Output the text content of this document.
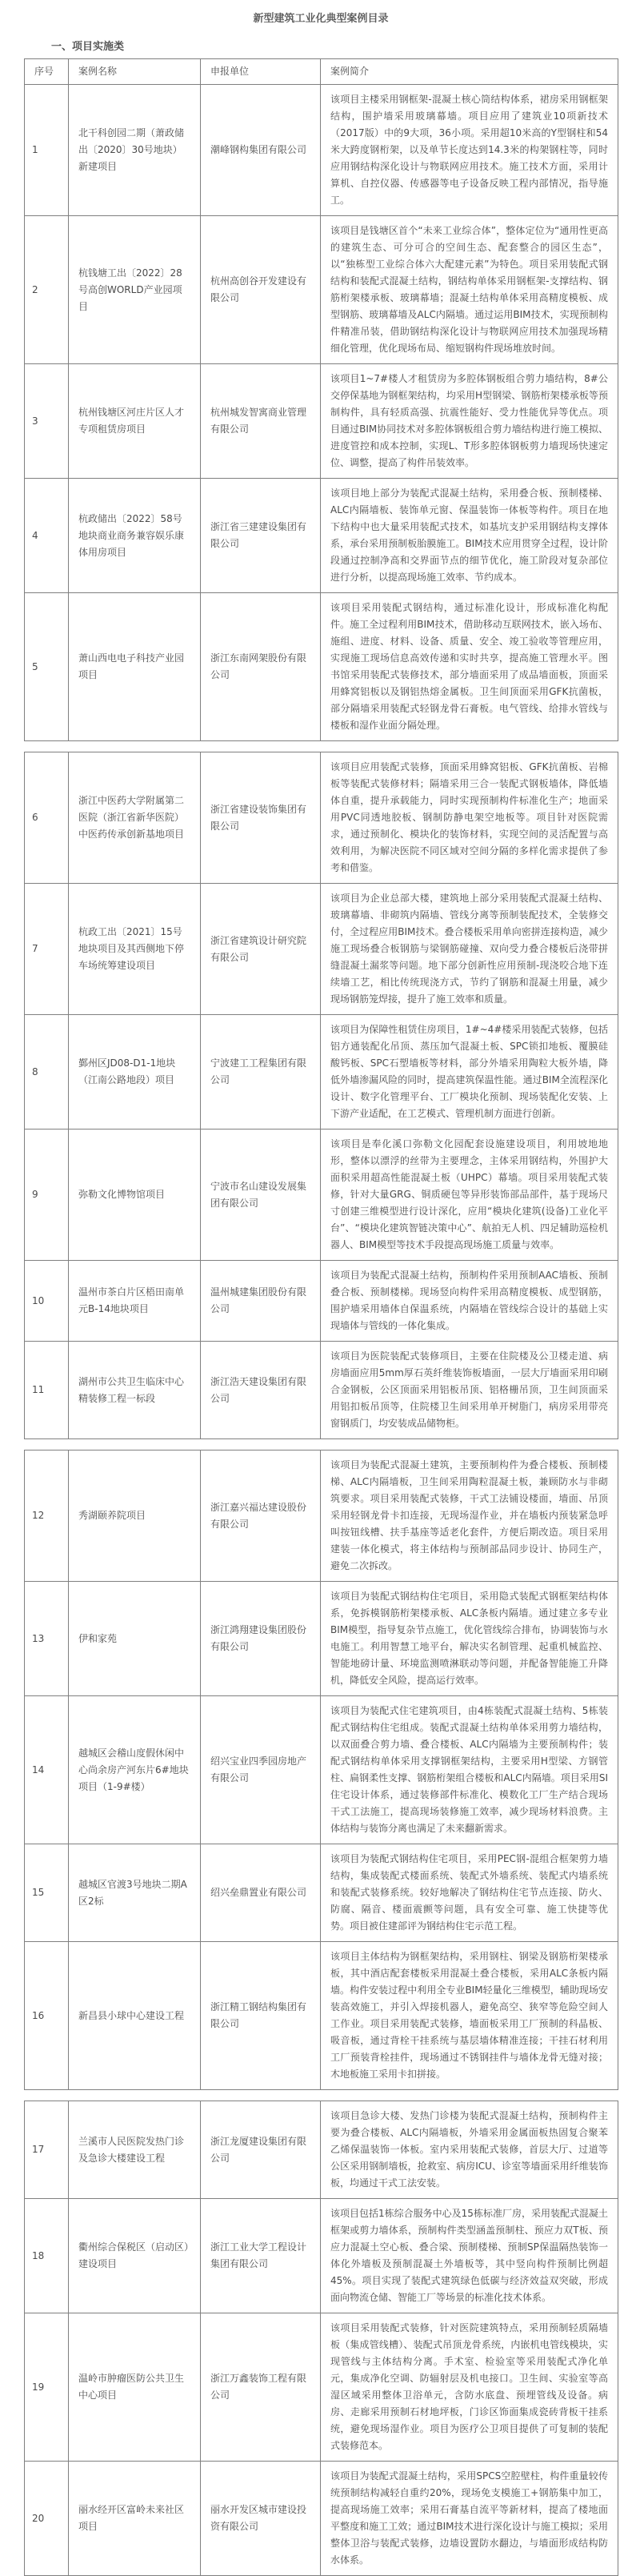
新型建筑工业化典型案例目录
一、项目实施类
序号	案例名称	申报单位	案例简介
1	北干科创园二期（萧政储出〔2020〕30号地块）新建项目	潮峰钢构集团有限公司	该项目主楼采用钢框架-混凝土核心筒结构体系，裙房采用钢框架结构，围护墙采用玻璃幕墙。项目应用了建筑业10项新技术（2017版）中的9大项，36小项。采用超10米高的Y型钢柱和54米大跨度钢桁架，以及单节长度达到14.3米的构架钢柱等，同时应用钢结构深化设计与物联网应用技术。施工技术方面，采用计算机、自控仪器、传感器等电子设备反映工程内部情况，指导施工。
2	杭钱塘工出〔2022〕28号高创WORLD产业园项目	杭州高创谷开发建设有限公司	该项目是钱塘区首个“未来工业综合体”，整体定位为“通用性更高的建筑生态、可分可合的空间生态、配套整合的园区生态”，以“独栋型工业综合体六大配建元素”为特色。项目采用装配式钢结构和装配式混凝土结构，钢结构单体采用钢框架-支撑结构、钢筋桁架楼承板、玻璃幕墙；混凝土结构单体采用高精度模板、成型钢筋、玻璃幕墙及ALC内隔墙。通过运用BIM技术，实现预制构件精准吊装，借助钢结构深化设计与物联网应用技术加强现场精细化管理，优化现场布局、缩短钢构件现场堆放时间。
3	杭州钱塘区河庄片区人才专项租赁房项目	杭州城发智寓商业管理有限公司	该项目1~7#楼人才租赁房为多腔体钢板组合剪力墙结构，8#公交停保基地为钢框架结构，均采用H型钢梁、钢筋桁架楼承板等预制构件，具有轻质高强、抗震性能好、受力性能优异等优点。项目通过BIM协同技术对多腔体钢板组合剪力墙结构进行施工模拟、进度管控和成本控制，实现L、T形多腔体钢板剪力墙现场快速定位、调整，提高了构件吊装效率。
4	杭政储出〔2022〕58号地块商业商务兼容娱乐康体用房项目	浙江省三建建设集团有限公司	该项目地上部分为装配式混凝土结构，采用叠合板、预制楼梯、ALC内隔墙板、装饰单元窗、保温装饰一体板等构件。项目在地下结构中也大量采用装配式技术，如基坑支护采用钢结构支撑体系，承台采用预制板胎膜施工。BIM技术应用贯穿全过程，设计阶段通过控制净高和交界面节点的细节优化，施工阶段对复杂部位进行分析，以提高现场施工效率、节约成本。
5	萧山西电电子科技产业园项目	浙江东南网架股份有限公司	该项目采用装配式钢结构，通过标准化设计，形成标准化构配件。施工全过程利用BIM技术，借助移动互联网技术，嵌入场布、施组、进度、材料、设备、质量、安全、竣工验收等管理应用，实现施工现场信息高效传递和实时共享，提高施工管理水平。图书馆采用装配式装修技术，部分墙面采用了成品墙面板，顶面采用蜂窝铝板以及钢铝热熔金属板。卫生间顶面采用GFK抗菌板，部分隔墙采用装配式轻钢龙骨石膏板。电气管线、给排水管线与楼板和湿作业面分隔处理。
6	浙江中医药大学附属第二医院（浙江省新华医院）中医药传承创新基地项目	浙江省建设装饰集团有限公司	该项目应用装配式装修，顶面采用蜂窝铝板、GFK抗菌板、岩棉板等装配式装修材料；隔墙采用三合一装配式钢板墙体，降低墙体自重，提升承载能力，同时实现预制构件标准化生产；地面采用PVC同透地胶板、钢制防静电架空地板等。项目针对医院需求，通过预制化、模块化的装饰材料，实现空间的灵活配置与高效利用，为解决医院不同区域对空间分隔的多样化需求提供了参考和借鉴。
7	杭政工出〔2021〕15号地块项目及其西侧地下停车场统筹建设项目	浙江省建筑设计研究院有限公司	该项目为企业总部大楼，建筑地上部分采用装配式混凝土结构、玻璃幕墙、非砌筑内隔墙、管线分离等预制装配技术，全装修交付，全过程应用BIM技术。叠合楼板采用单向密拼连接构造，减少施工现场叠合板钢筋与梁钢筋碰撞、双向受力叠合楼板后浇带拼缝混凝土漏浆等问题。地下部分创新性应用预制-现浇咬合地下连续墙工艺，相比传统现浇方式，节约了钢筋和混凝土用量，减少现场钢筋笼焊接，提升了施工效率和质量。
8	鄞州区JD08-D1-1地块（江南公路地段）项目	宁波建工工程集团有限公司	该项目为保障性租赁住房项目，1#~4#楼采用装配式装修，包括铝方通装配化吊顶、蒸压加气混凝土板、SPC锁扣地板、覆膜硅酸钙板、SPC石塑墙板等材料，部分外墙采用陶粒大板外墙，降低外墙渗漏风险的同时，提高建筑保温性能。通过BIM全流程深化设计、数字化管理平台、工厂模块化预制、现场装配化安装、上下游产业适配，在工艺模式、管理机制方面进行创新。
9	弥勒文化博物馆项目	宁波市名山建设发展集团有限公司	该项目是奉化溪口弥勒文化园配套设施建设项目，利用坡地地形，整体以漂浮的丝带为主要理念，主体采用钢结构，外围护大面积采用超高性能混凝土板（UHPC）幕墙。项目采用装配式装修，针对大量GRG、铜质硬包等异形装饰部品部件，基于现场尺寸创建三维模型进行设计深化，应用“模块化建筑(设备)工业化平台”、“模块化建筑智链决策中心”、航拍无人机、四足辅助巡检机器人、BIM模型等技术手段提高现场施工质量与效率。
10	温州市茶白片区梧田南单元B-14地块项目	温州城建集团股份有限公司	该项目为装配式混凝土结构，预制构件采用预制AAC墙板、预制叠合板、预制楼梯。现场竖向构件采用高精度模板、成型钢筋，围护墙采用墙体自保温系统，内隔墙在管线综合设计的基础上实现墙体与管线的一体化集成。
11	湖州市公共卫生临床中心精装修工程一标段	浙江浩天建设集团有限公司	该项目为医院装配式装修项目，主要在住院楼及公卫楼走道、病房墙面应用5mm厚石英纤维装饰板墙面，一层大厅墙面采用印刷合金钢板，公区顶面采用铝板吊顶、铝格栅吊顶，卫生间顶面采用铝扣板吊顶等，住院楼卫生间采用单开树脂门，病房采用带亮窗钢质门，均安装成品储物柜。
12	秀湖颐养院项目	浙江嘉兴福达建设股份有限公司	该项目为装配式混凝土建筑，主要预制构件为叠合楼板、预制楼梯、ALC内隔墙板，卫生间采用陶粒混凝土板，兼顾防水与非砌筑要求。项目采用装配式装修，干式工法铺设楼面，墙面、吊顶采用轻钢龙骨卡扣连接，无现场湿作业，并在墙板内预装紧急呼叫按钮线槽、扶手基座等适老化套件，方便后期改造。项目采用建装一体化模式，将主体结构与预制部品同步设计、协同生产，避免二次拆改。
13	伊和家苑	浙江鸿翔建设集团股份有限公司	该项目为装配式钢结构住宅项目，采用隐式装配式钢框架结构体系，免拆模钢筋桁架楼承板、ALC条板内隔墙。通过建立多专业BIM模型，指导复杂节点施工，优化管线综合排布，协调装饰与水电施工。利用智慧工地平台，解决实名制管理、起重机械监控、智能地磅计量、环境监测喷淋联动等问题，并配备智能施工升降机，降低安全风险，提高运行效率。
14	越城区会稽山度假休闲中心尚余房产河东片6#地块项目（1-9#楼）	绍兴宝业四季园房地产有限公司	该项目为装配式住宅建筑项目，由4栋装配式混凝土结构、5栋装配式钢结构住宅组成。装配式混凝土结构单体采用剪力墙结构，以双面叠合剪力墙、叠合楼板、ALC内隔墙为主要预制构件；装配式钢结构单体采用支撑钢框架结构，主要采用H型梁、方钢管柱、扁钢柔性支撑、钢筋桁架组合楼板和ALC内隔墙。项目采用SI住宅设计体系，通过装修部件标准化、模数化工厂生产结合现场干式工法施工，提高现场装修施工效率，减少现场材料浪费。主体结构与装饰分离也满足了未来翻新需求。
15	越城区官渡3号地块二期A区2标	绍兴垒鼎置业有限公司	该项目为装配式钢结构住宅项目，采用PEC钢-混组合框架剪力墙结构，集成装配式楼面系统、装配式外墙系统、装配式内墙系统和装配式装修系统。较好地解决了钢结构住宅节点连接、防火、防腐、隔音、楼面震颤等问题，具有安全可靠、施工快捷等优势。项目被住建部评为钢结构住宅示范工程。
16	新昌县小球中心建设工程	浙江精工钢结构集团有限公司	该项目主体结构为钢框架结构，采用钢柱、钢梁及钢筋桁架楼承板，其中酒店配套楼板采用混凝土叠合楼板，采用ALC条板内隔墙。构件安装过程中利用全专业BIM轻量化三维模型，辅助现场安装高效施工，并引入焊接机器人，避免高空、狭窄等危险空间人工作业。项目采用装配式装修，墙面板采用工厂预制的科晶板、吸音板，通过背栓干挂系统与基层墙体精准连接；干挂石材利用工厂预装背栓挂件，现场通过不锈钢挂件与墙体龙骨无缝对接；木地板施工采用卡扣拼接。
17	兰溪市人民医院发热门诊及急诊大楼建设工程	浙江龙厦建设集团有限公司	该项目急诊大楼、发热门诊楼为装配式混凝土结构，预制构件主要为叠合楼板、ALC内隔墙板，外墙采用金属面板热固复合聚苯乙烯保温装饰一体板。室内采用装配式装修，首层大厅、过道等公区采用钢制墙板，抢救室、病房ICU、诊室等墙面采用纤维装饰板，均通过干式工法安装。
18	衢州综合保税区（启动区）建设项目	浙江工业大学工程设计集团有限公司	该项目包括1栋综合服务中心及15栋标准厂房，采用装配式混凝土框架或剪力墙体系，预制构件类型涵盖预制柱、预应力双T板、预应力混凝土空心板、叠合梁、预制楼梯、预制SP保温隔热装饰一体化外墙板及预制混凝土外墙板等，其中竖向构件预制比例超45%。项目实现了装配式建筑绿色低碳与经济效益双突破，形成面向物流仓储、智能工厂等场景的标准化技术体系。
19	温岭市肿瘤医防公共卫生中心项目	浙江万鑫装饰工程有限公司	该项目采用装配式装修，针对医院建筑特点，采用预制轻质隔墙板（集成管线槽）、装配式吊顶龙骨系统，内嵌机电管线模块，实现管线与主体结构分离。手术室、检验室等采用装配式净化单元，集成净化空调、防辐射层及机电接口。卫生间、实验室等高湿区域采用整体卫浴单元，含防水底盘、预埋管线及设备。病房、走廊采用预制石材地坪板，门诊区饰面集成瓷砖背板干挂系统，避免现场湿作业。项目为医疗公卫项目提供了可复制的装配式装修范本。
20	丽水经开区富岭未来社区项目	丽水开发区城市建设投资有限公司	该项目为装配式混凝土结构，采用SPCS空腔壁柱，构件重量较传统预制结构减轻自重约20%，现场免支模施工+钢筋集中加工，提高现场施工效率；采用石膏基自流平等新材料，提高了楼地面平整度和施工工效；通过BIM技术进行深化设计与施工模拟；采用整体卫浴与装配式装修，边墙设置防水翻边，与墙面形成结构防水体系。
